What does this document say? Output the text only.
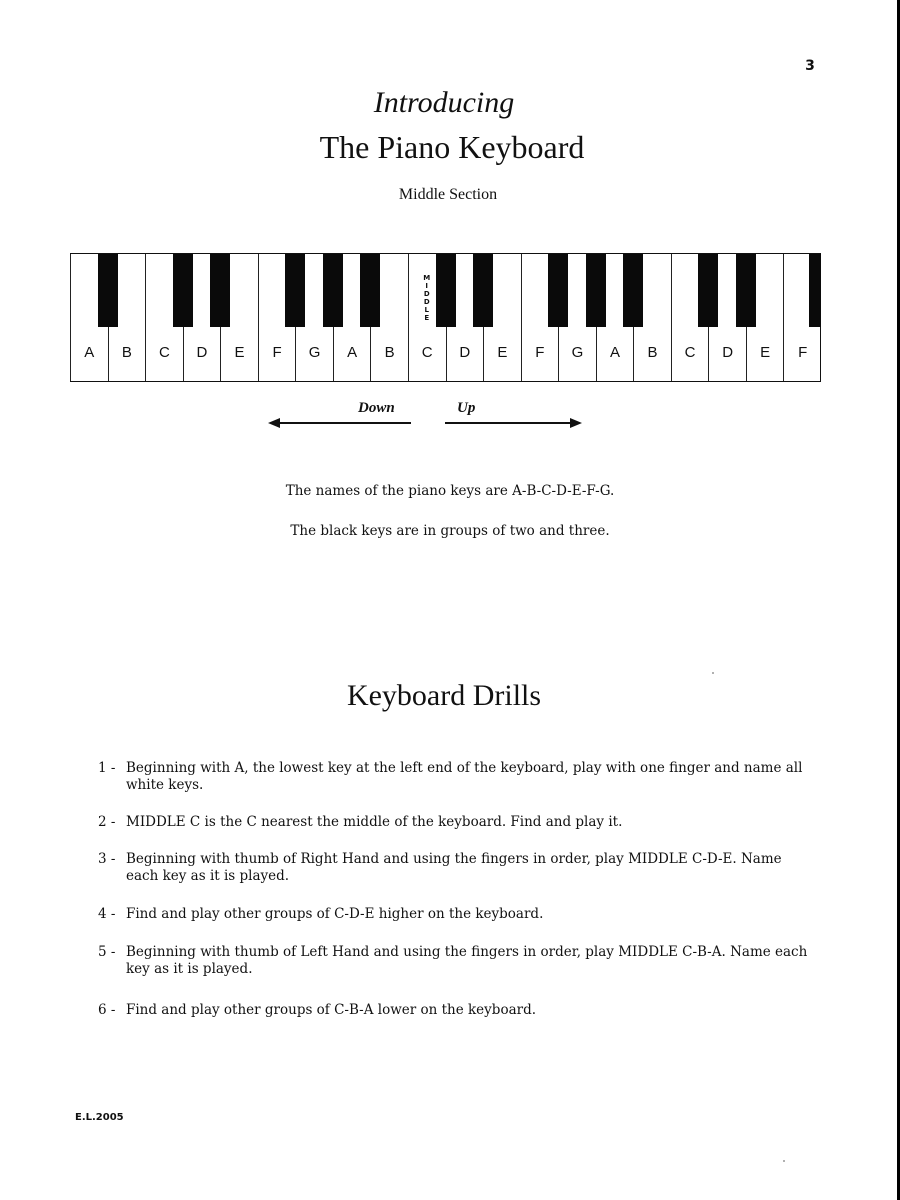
3
Introducing
The Piano Keyboard
Middle Section
A	B	C	D	E	F	G	A	B	C	D	E	F	G	A	B	C	D	E	F
M
I
D
D
L
E
Down	Up
The names of the piano keys are A-B-C-D-E-F-G.
The black keys are in groups of two and three.
Keyboard Drills
1 - Beginning with A, the lowest key at the left end of the keyboard, play with one finger and name all white keys.
2 - MIDDLE C is the C nearest the middle of the keyboard. Find and play it.
3 - Beginning with thumb of Right Hand and using the fingers in order, play MIDDLE C-D-E. Name each key as it is played.
4 - Find and play other groups of C-D-E higher on the keyboard.
5 - Beginning with thumb of Left Hand and using the fingers in order, play MIDDLE C-B-A. Name each key as it is played.
6 - Find and play other groups of C-B-A lower on the keyboard.
E.L.2005
